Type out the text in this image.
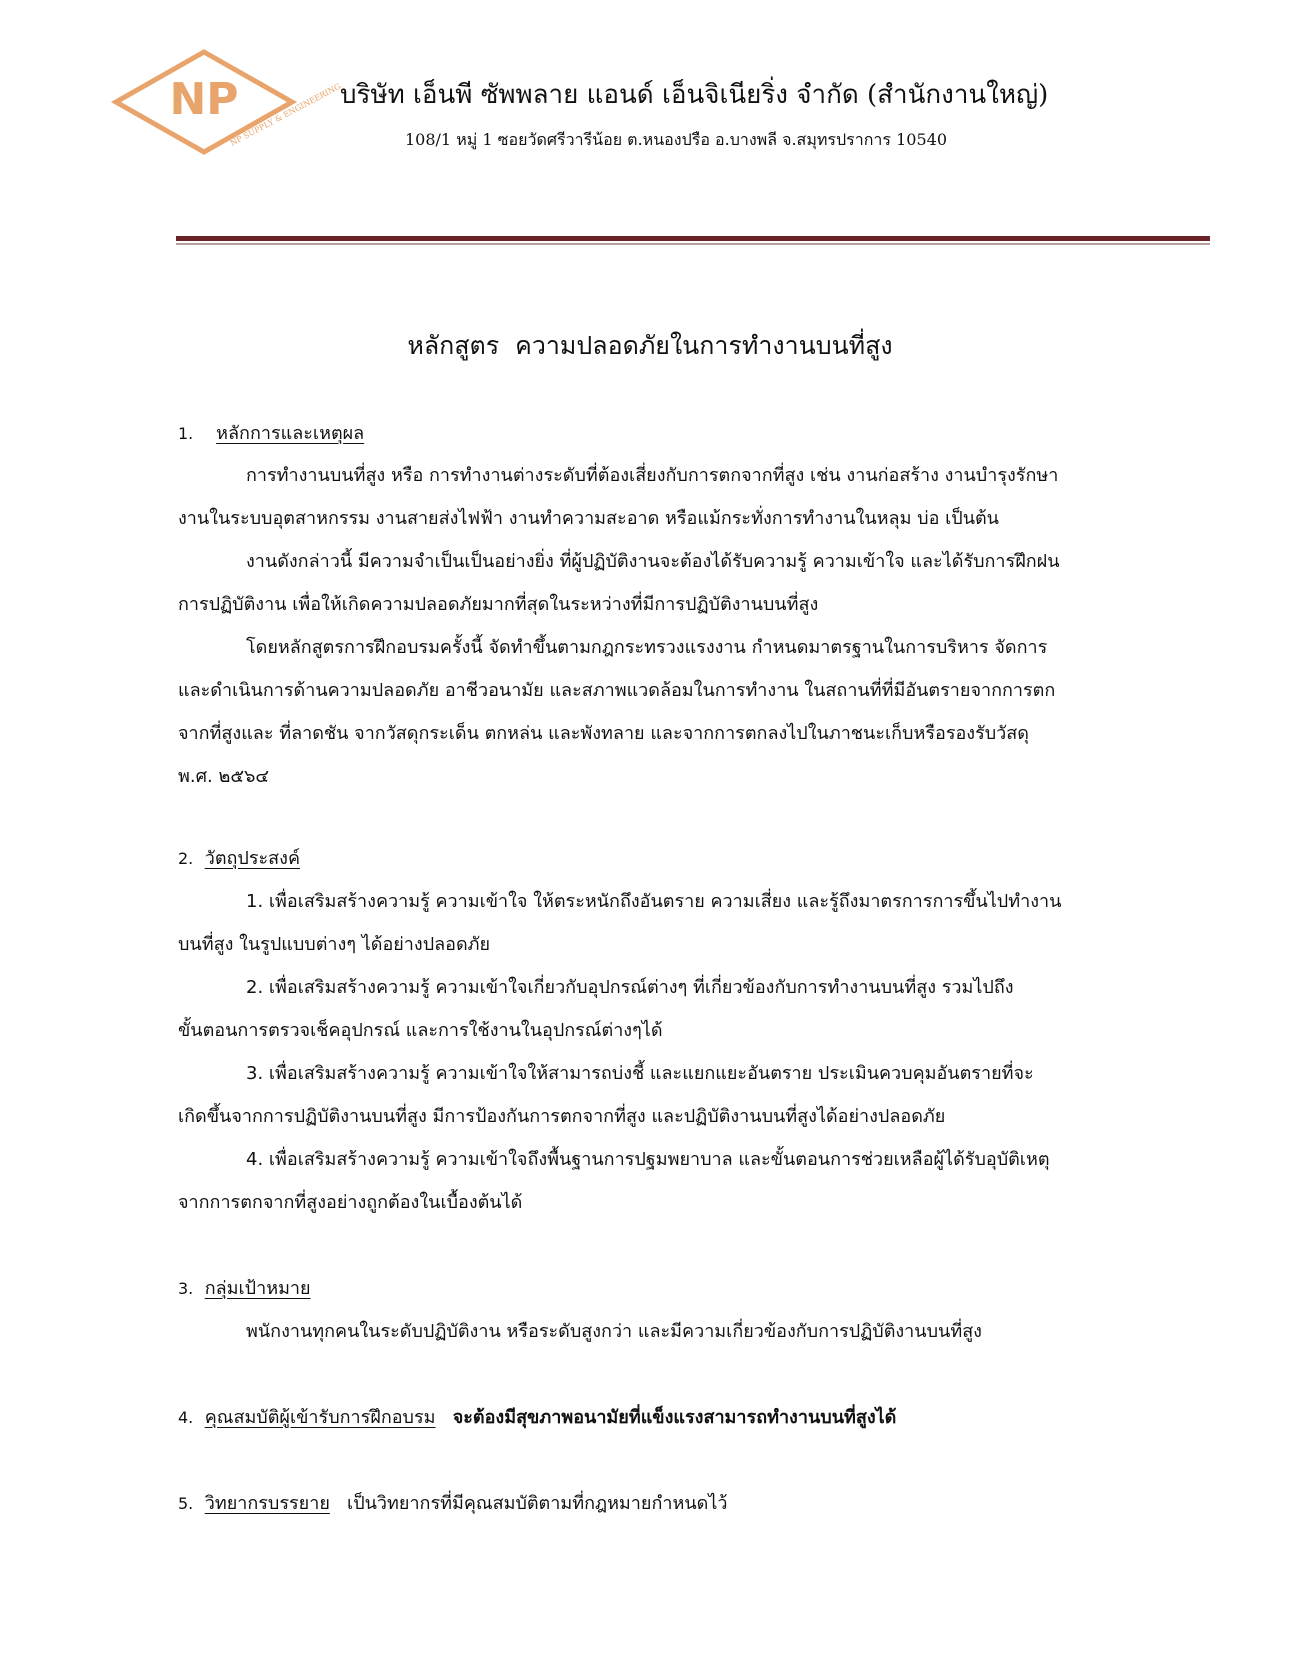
NP
NP SUPPLY & ENGINEERING
บริษัท เอ็นพี ซัพพลาย แอนด์ เอ็นจิเนียริ่ง จำกัด (สำนักงานใหญ่)
108/1 หมู่ 1 ซอยวัดศรีวารีน้อย ต.หนองปรือ อ.บางพลี จ.สมุทรปราการ 10540
หลักสูตร  ความปลอดภัยในการทำงานบนที่สูง
1. หลักการและเหตุผล
การทำงานบนที่สูง หรือ การทำงานต่างระดับที่ต้องเสี่ยงกับการตกจากที่สูง เช่น งานก่อสร้าง งานบำรุงรักษา
งานในระบบอุตสาหกรรม งานสายส่งไฟฟ้า งานทำความสะอาด หรือแม้กระทั่งการทำงานในหลุม บ่อ เป็นต้น
งานดังกล่าวนี้ มีความจำเป็นเป็นอย่างยิ่ง ที่ผู้ปฏิบัติงานจะต้องได้รับความรู้ ความเข้าใจ และได้รับการฝึกฝน
การปฏิบัติงาน เพื่อให้เกิดความปลอดภัยมากที่สุดในระหว่างที่มีการปฏิบัติงานบนที่สูง
โดยหลักสูตรการฝึกอบรมครั้งนี้ จัดทำขึ้นตามกฎกระทรวงแรงงาน กำหนดมาตรฐานในการบริหาร จัดการ
และดำเนินการด้านความปลอดภัย อาชีวอนามัย และสภาพแวดล้อมในการทำงาน ในสถานที่ที่มีอันตรายจากการตก
จากที่สูงและ ที่ลาดชัน จากวัสดุกระเด็น ตกหล่น และพังทลาย และจากการตกลงไปในภาชนะเก็บหรือรองรับวัสดุ
พ.ศ. ๒๕๖๔
2. วัตถุประสงค์
1. เพื่อเสริมสร้างความรู้ ความเข้าใจ ให้ตระหนักถึงอันตราย ความเสี่ยง และรู้ถึงมาตรการการขึ้นไปทำงาน
บนที่สูง ในรูปแบบต่างๆ ได้อย่างปลอดภัย
2. เพื่อเสริมสร้างความรู้ ความเข้าใจเกี่ยวกับอุปกรณ์ต่างๆ ที่เกี่ยวข้องกับการทำงานบนที่สูง รวมไปถึง
ขั้นตอนการตรวจเช็คอุปกรณ์ และการใช้งานในอุปกรณ์ต่างๆได้
3. เพื่อเสริมสร้างความรู้ ความเข้าใจให้สามารถบ่งชี้ และแยกแยะอันตราย ประเมินควบคุมอันตรายที่จะ
เกิดขึ้นจากการปฏิบัติงานบนที่สูง มีการป้องกันการตกจากที่สูง และปฏิบัติงานบนที่สูงได้อย่างปลอดภัย
4. เพื่อเสริมสร้างความรู้ ความเข้าใจถึงพื้นฐานการปฐมพยาบาล และขั้นตอนการช่วยเหลือผู้ได้รับอุบัติเหตุ
จากการตกจากที่สูงอย่างถูกต้องในเบื้องต้นได้
3. กลุ่มเป้าหมาย
พนักงานทุกคนในระดับปฏิบัติงาน หรือระดับสูงกว่า และมีความเกี่ยวข้องกับการปฏิบัติงานบนที่สูง
4. คุณสมบัติผู้เข้ารับการฝึกอบรม จะต้องมีสุขภาพอนามัยที่แข็งแรงสามารถทำงานบนที่สูงได้
5. วิทยากรบรรยาย เป็นวิทยากรที่มีคุณสมบัติตามที่กฎหมายกำหนดไว้
